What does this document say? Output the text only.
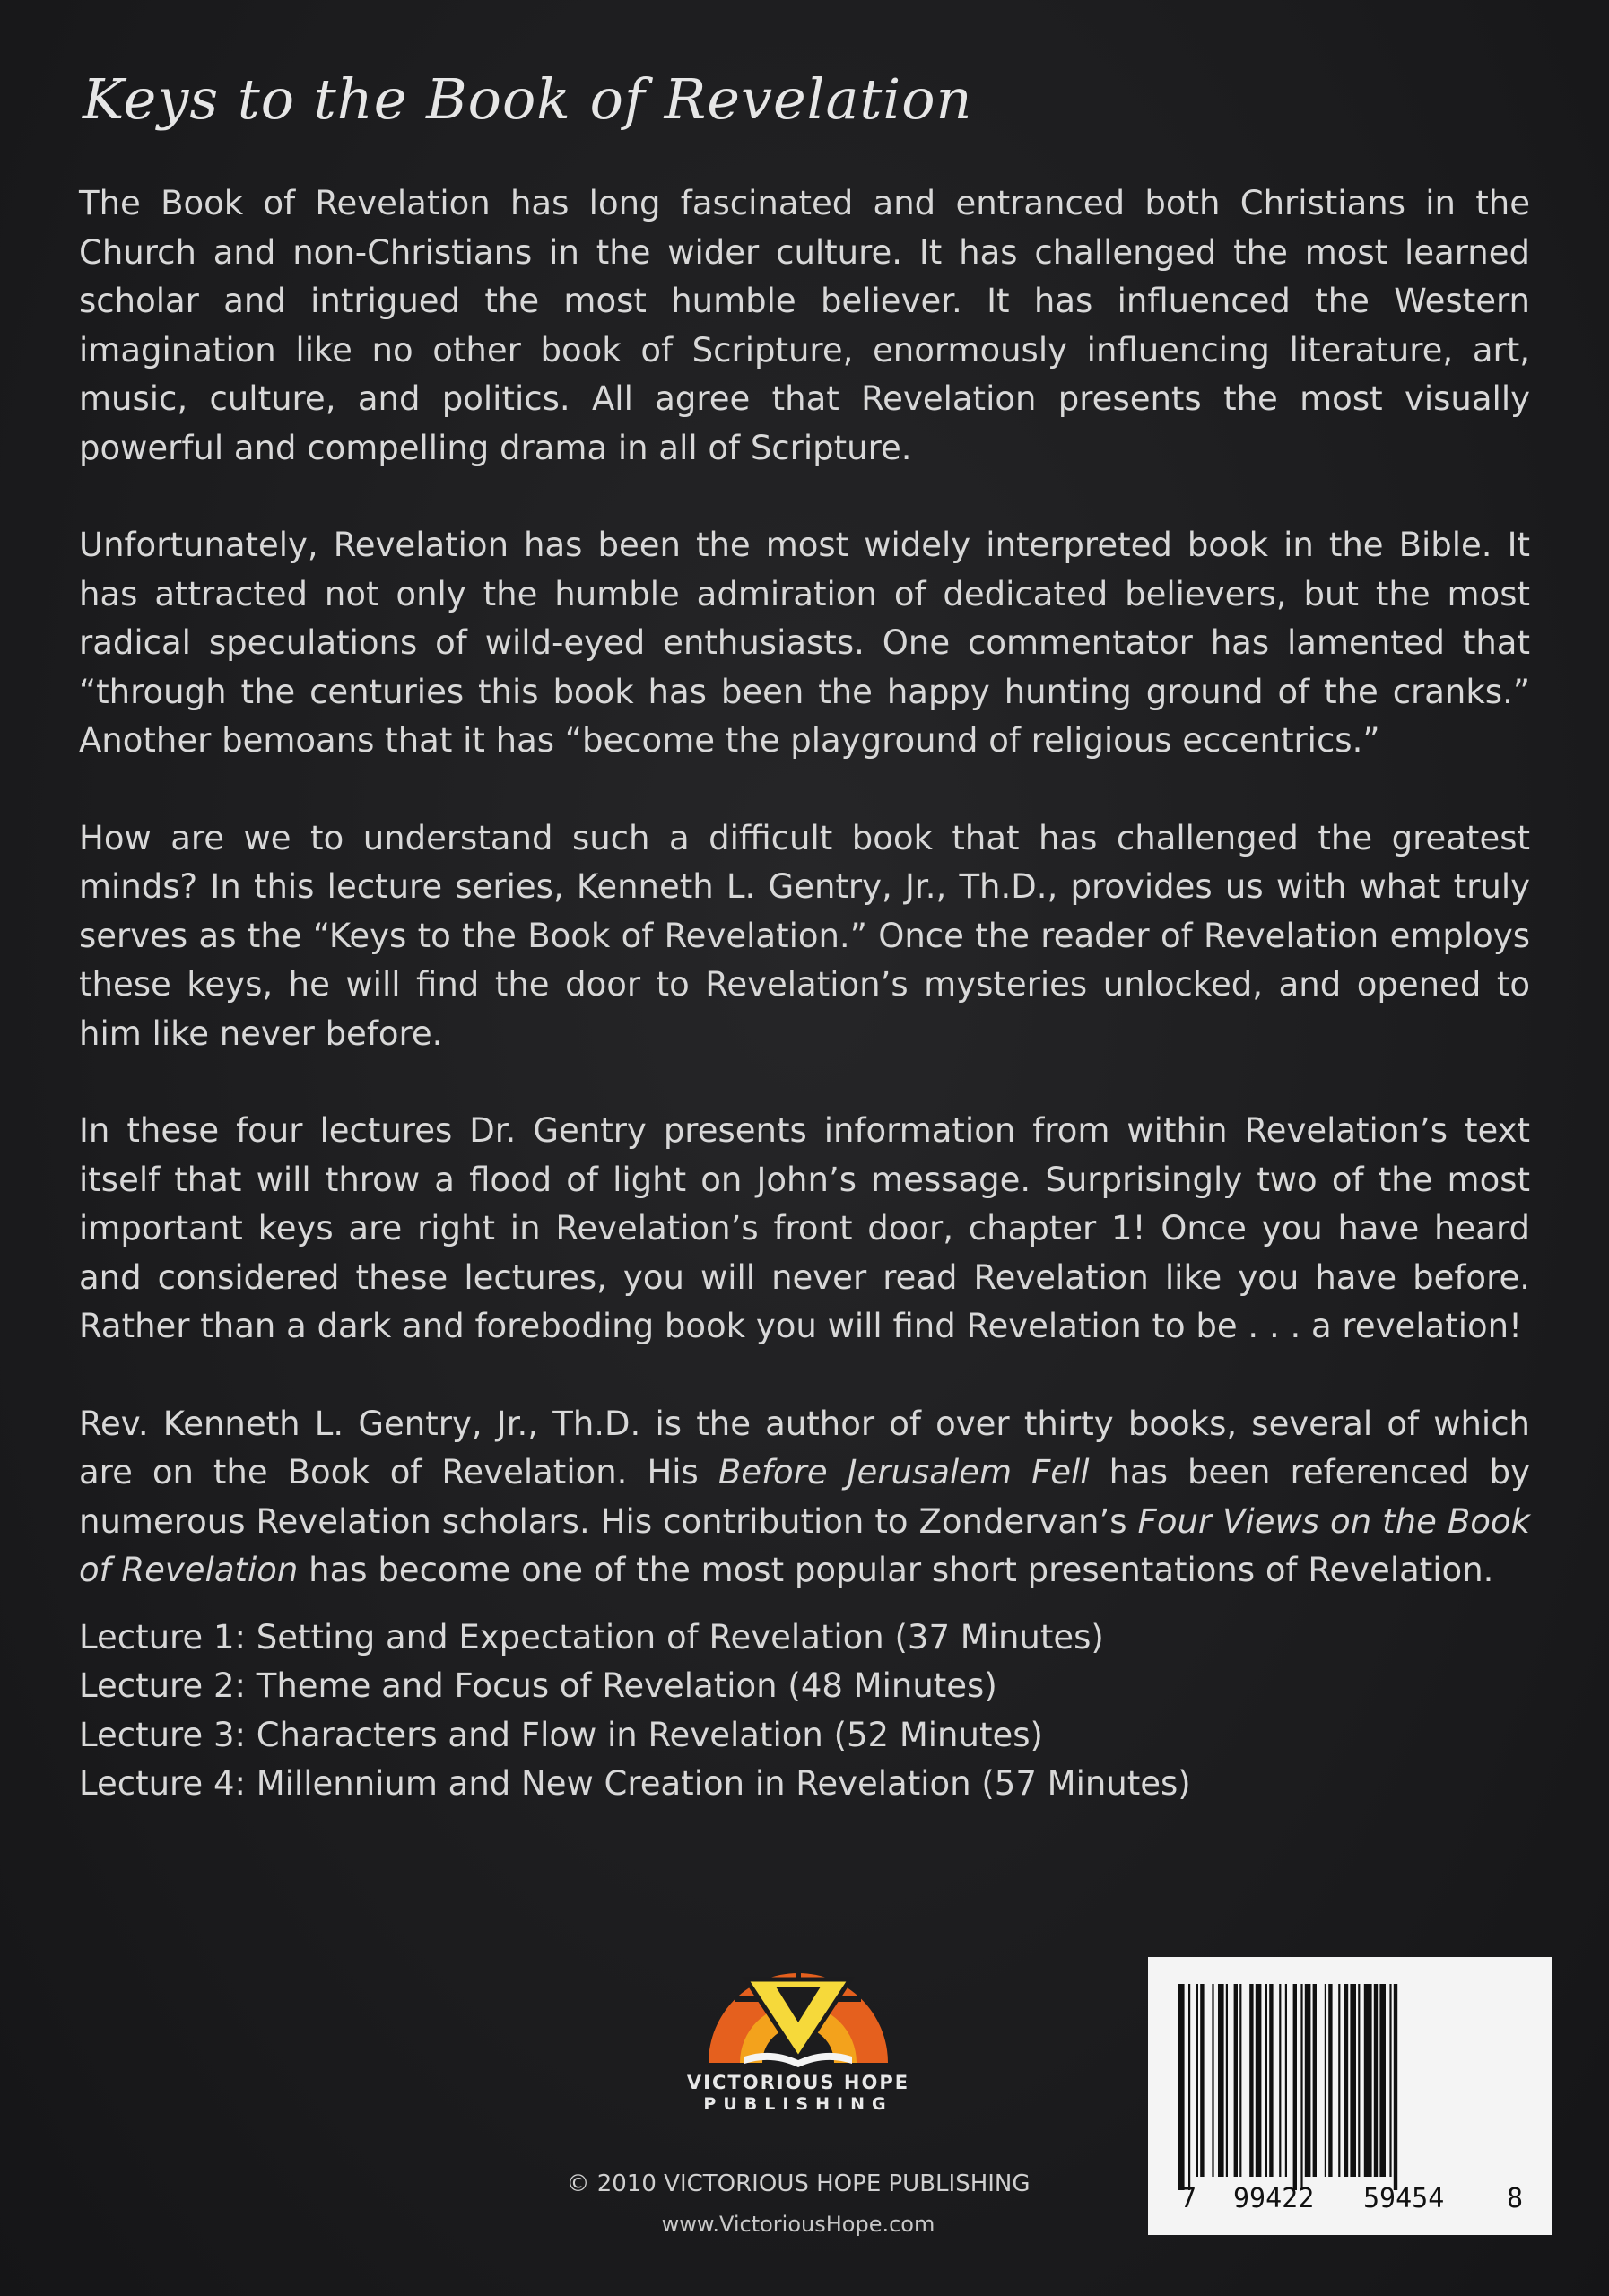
Keys to the Book of Revelation

The Book of Revelation has long fascinated and entranced both Christians in the Church and non-Christians in the wider culture. It has challenged the most learned scholar and intrigued the most humble believer. It has influenced the Western imagination like no other book of Scripture, enormously influencing literature, art, music, culture, and politics. All agree that Revelation presents the most visually powerful and compelling drama in all of Scripture.

Unfortunately, Revelation has been the most widely interpreted book in the Bible. It has attracted not only the humble admiration of dedicated believers, but the most radical speculations of wild-eyed enthusiasts. One commentator has lamented that “through the centuries this book has been the happy hunting ground of the cranks.” Another bemoans that it has “become the playground of religious eccentrics.”

How are we to understand such a difficult book that has challenged the greatest minds? In this lecture series, Kenneth L. Gentry, Jr., Th.D., provides us with what truly serves as the “Keys to the Book of Revelation.” Once the reader of Revelation employs these keys, he will find the door to Revelation’s mysteries unlocked, and opened to him like never before.

In these four lectures Dr. Gentry presents information from within Revelation’s text itself that will throw a flood of light on John’s message. Surprisingly two of the most important keys are right in Revelation’s front door, chapter 1! Once you have heard and considered these lectures, you will never read Revelation like you have before. Rather than a dark and foreboding book you will find Revelation to be . . . a revelation!

Rev. Kenneth L. Gentry, Jr., Th.D. is the author of over thirty books, several of which are on the Book of Revelation. His Before Jerusalem Fell has been referenced by numerous Revelation scholars. His contribution to Zondervan’s Four Views on the Book of Revelation has become one of the most popular short presentations of Revelation.

Lecture 1: Setting and Expectation of Revelation (37 Minutes)
Lecture 2: Theme and Focus of Revelation (48 Minutes)
Lecture 3: Characters and Flow in Revelation (52 Minutes)
Lecture 4: Millennium and New Creation in Revelation (57 Minutes)
VICTORIOUS HOPE
PUBLISHING
© 2010 VICTORIOUS HOPE PUBLISHING
www.VictoriousHope.com
7 99422 59454 8
